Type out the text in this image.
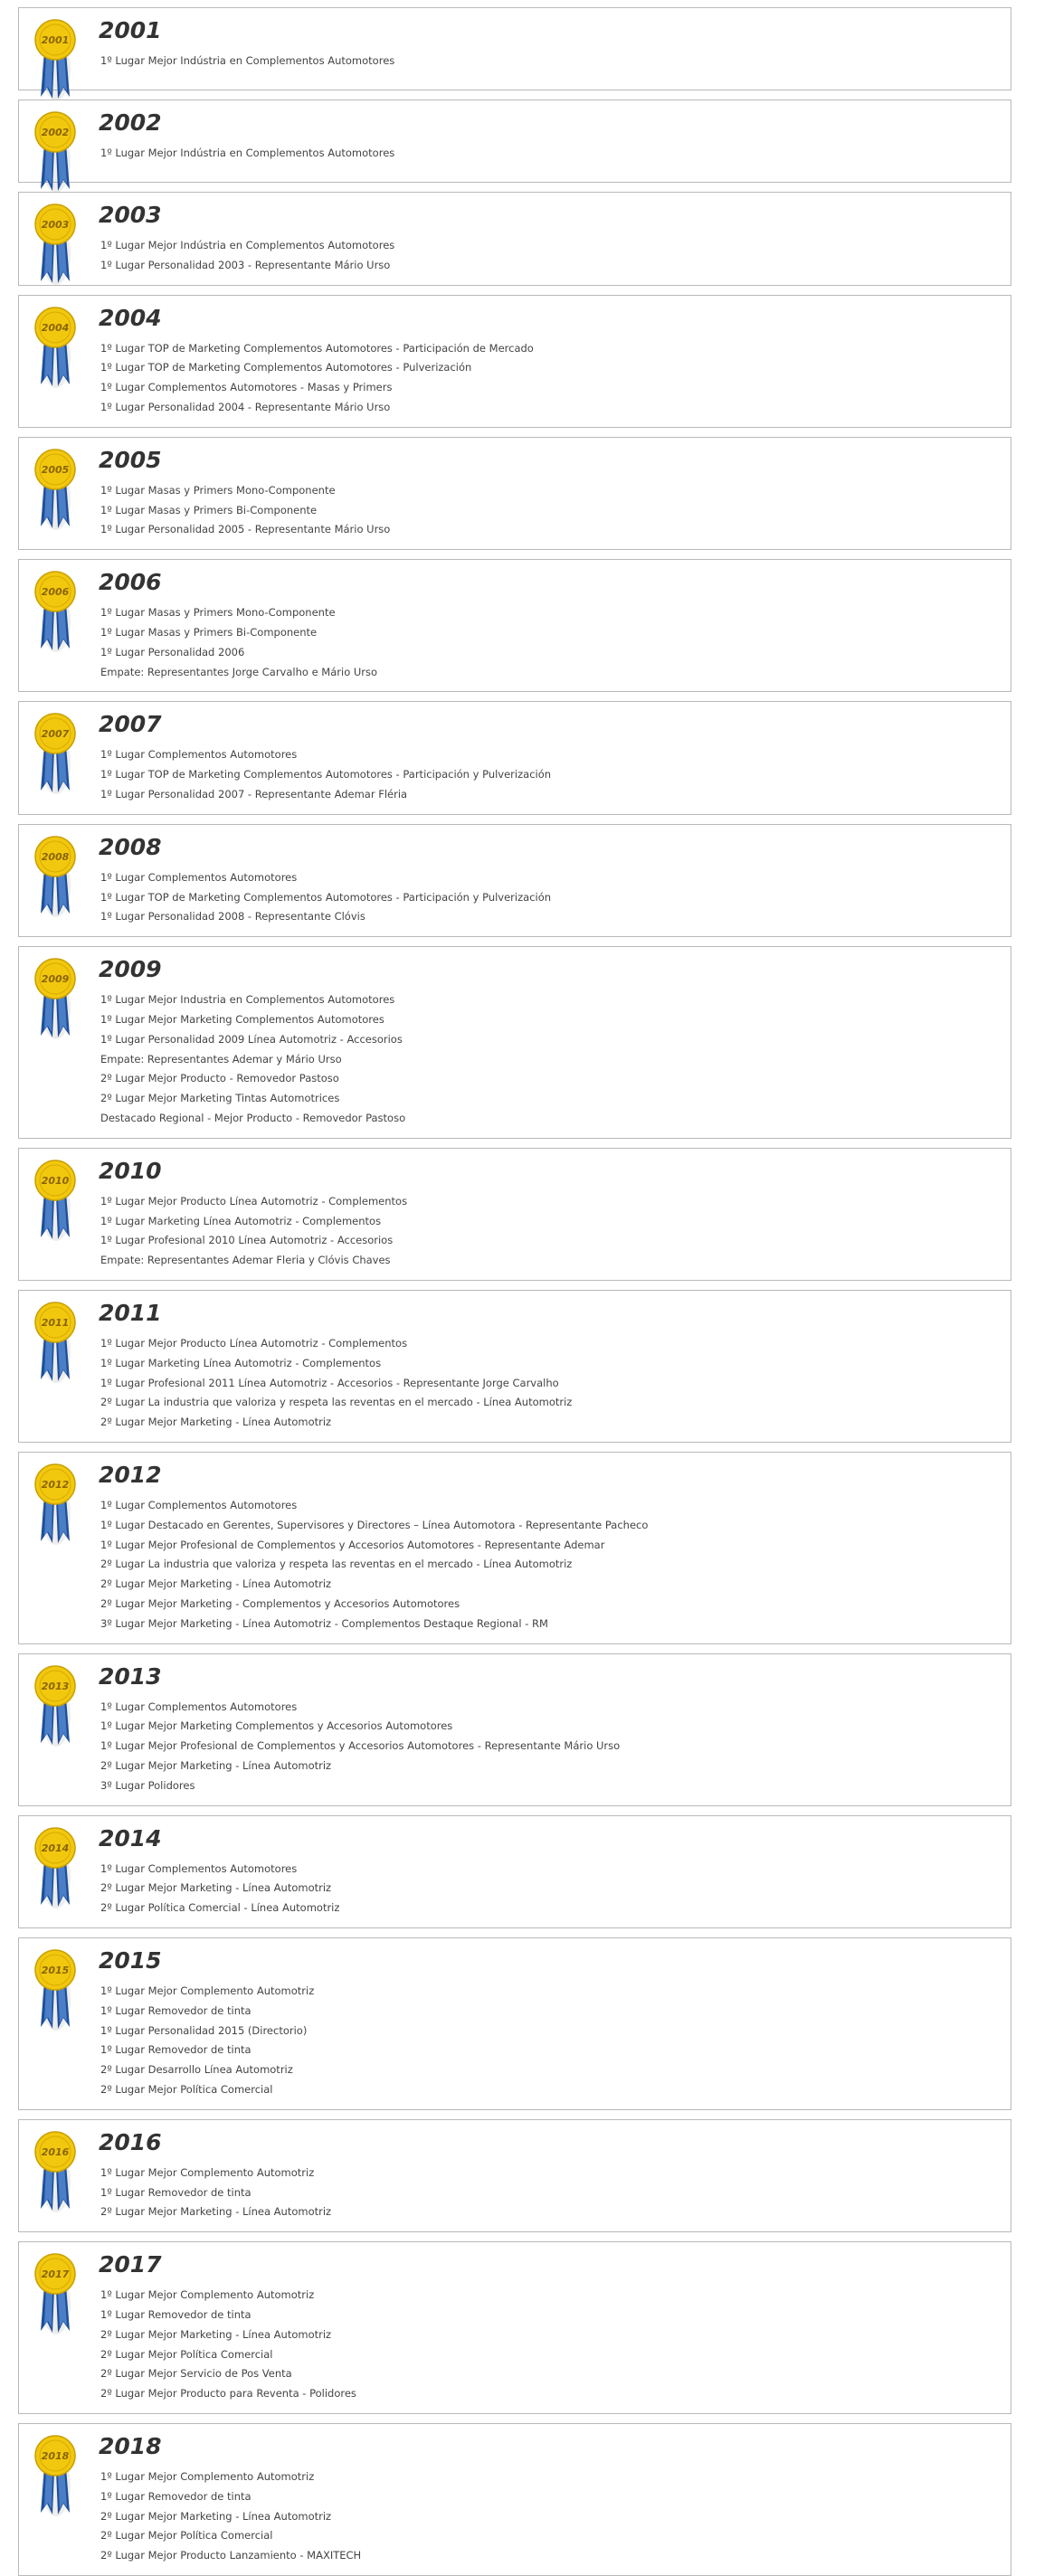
2001 2001
1º Lugar Mejor Indústria en Complementos Automotores
2002 2002
1º Lugar Mejor Indústria en Complementos Automotores
2003 2003
1º Lugar Mejor Indústria en Complementos Automotores
1º Lugar Personalidad 2003 - Representante Mário Urso
2004 2004
1º Lugar TOP de Marketing Complementos Automotores - Participación de Mercado
1º Lugar TOP de Marketing Complementos Automotores - Pulverización
1º Lugar Complementos Automotores - Masas y Primers
1º Lugar Personalidad 2004 - Representante Mário Urso
2005 2005
1º Lugar Masas y Primers Mono-Componente
1º Lugar Masas y Primers Bi-Componente
1º Lugar Personalidad 2005 - Representante Mário Urso
2006 2006
1º Lugar Masas y Primers Mono-Componente
1º Lugar Masas y Primers Bi-Componente
1º Lugar Personalidad 2006
Empate: Representantes Jorge Carvalho e Mário Urso
2007 2007
1º Lugar Complementos Automotores
1º Lugar TOP de Marketing Complementos Automotores - Participación y Pulverización
1º Lugar Personalidad 2007 - Representante Ademar Fléria
2008 2008
1º Lugar Complementos Automotores
1º Lugar TOP de Marketing Complementos Automotores - Participación y Pulverización
1º Lugar Personalidad 2008 - Representante Clóvis
2009 2009
1º Lugar Mejor Industria en Complementos Automotores
1º Lugar Mejor Marketing Complementos Automotores
1º Lugar Personalidad 2009 Línea Automotriz - Accesorios
Empate: Representantes Ademar y Mário Urso
2º Lugar Mejor Producto - Removedor Pastoso
2º Lugar Mejor Marketing Tintas Automotrices
Destacado Regional - Mejor Producto - Removedor Pastoso
2010 2010
1º Lugar Mejor Producto Línea Automotriz - Complementos
1º Lugar Marketing Línea Automotriz - Complementos
1º Lugar Profesional 2010 Línea Automotriz - Accesorios
Empate: Representantes Ademar Fleria y Clóvis Chaves
2011 2011
1º Lugar Mejor Producto Línea Automotriz - Complementos
1º Lugar Marketing Línea Automotriz - Complementos
1º Lugar Profesional 2011 Línea Automotriz - Accesorios - Representante Jorge Carvalho
2º Lugar La industria que valoriza y respeta las reventas en el mercado - Línea Automotriz
2º Lugar Mejor Marketing - Línea Automotriz
2012 2012
1º Lugar Complementos Automotores
1º Lugar Destacado en Gerentes, Supervisores y Directores – Línea Automotora - Representante Pacheco
1º Lugar Mejor Profesional de Complementos y Accesorios Automotores - Representante Ademar
2º Lugar La industria que valoriza y respeta las reventas en el mercado - Línea Automotriz
2º Lugar Mejor Marketing - Línea Automotriz
2º Lugar Mejor Marketing - Complementos y Accesorios Automotores
3º Lugar Mejor Marketing - Línea Automotriz - Complementos Destaque Regional - RM
2013 2013
1º Lugar Complementos Automotores
1º Lugar Mejor Marketing Complementos y Accesorios Automotores
1º Lugar Mejor Profesional de Complementos y Accesorios Automotores - Representante Mário Urso
2º Lugar Mejor Marketing - Línea Automotriz
3º Lugar Polidores
2014 2014
1º Lugar Complementos Automotores
2º Lugar Mejor Marketing - Línea Automotriz
2º Lugar Política Comercial - Línea Automotriz
2015 2015
1º Lugar Mejor Complemento Automotriz
1º Lugar Removedor de tinta
1º Lugar Personalidad 2015 (Directorio)
1º Lugar Removedor de tinta
2º Lugar Desarrollo Línea Automotriz
2º Lugar Mejor Política Comercial
2016 2016
1º Lugar Mejor Complemento Automotriz
1º Lugar Removedor de tinta
2º Lugar Mejor Marketing - Línea Automotriz
2017 2017
1º Lugar Mejor Complemento Automotriz
1º Lugar Removedor de tinta
2º Lugar Mejor Marketing - Línea Automotriz
2º Lugar Mejor Política Comercial
2º Lugar Mejor Servicio de Pos Venta
2º Lugar Mejor Producto para Reventa - Polidores
2018 2018
1º Lugar Mejor Complemento Automotriz
1º Lugar Removedor de tinta
2º Lugar Mejor Marketing - Línea Automotriz
2º Lugar Mejor Política Comercial
2º Lugar Mejor Producto Lanzamiento - MAXITECH
